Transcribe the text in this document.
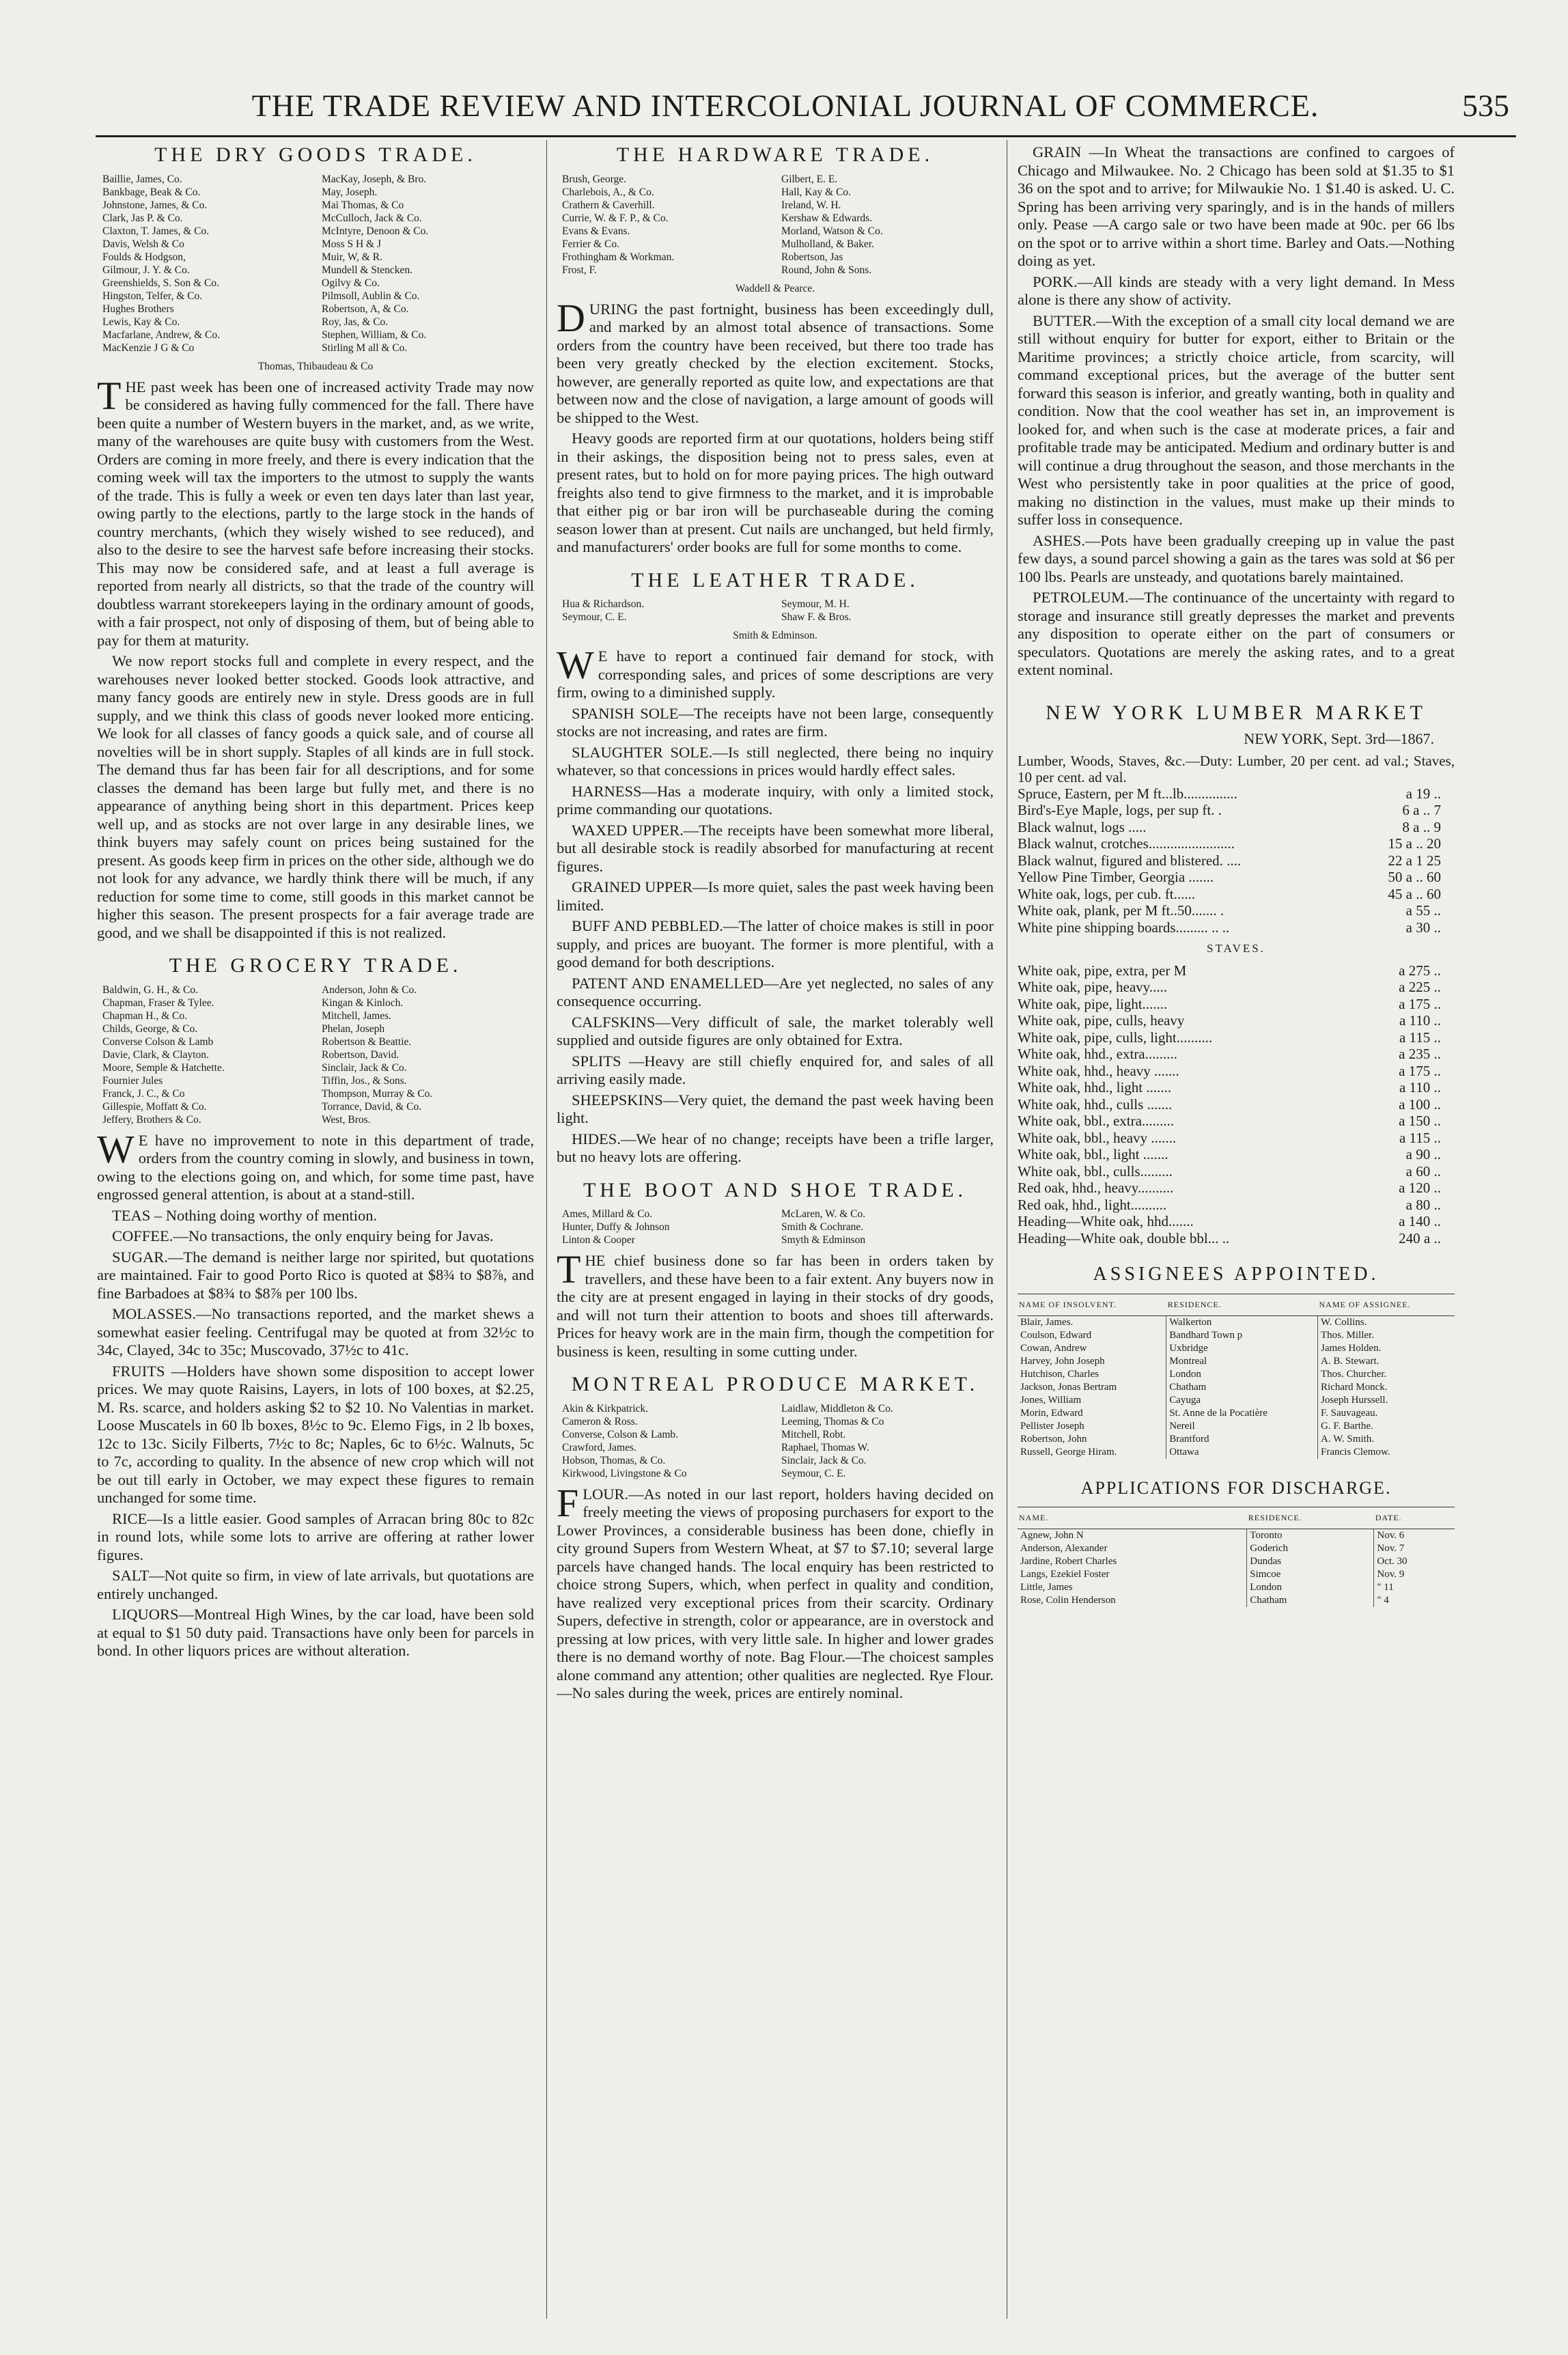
THE TRADE REVIEW AND INTERCOLONIAL JOURNAL OF COMMERCE.	535
THE DRY GOODS TRADE.
Baillie, James, Co.	MacKay, Joseph, & Bro.
Bankbage, Beak & Co.	May, Joseph.
Johnstone, James, & Co.	Mai Thomas, & Co
Clark, Jas P. & Co.	McCulloch, Jack & Co.
Claxton, T. James, & Co.	McIntyre, Denoon & Co.
Davis, Welsh & Co	Moss S H & J
Foulds & Hodgson,	Muir, W, & R.
Gilmour, J. Y. & Co.	Mundell & Stencken.
Greenshields, S. Son & Co.	Ogilvy & Co.
Hingston, Telfer, & Co.	Pilmsoll, Aublin & Co.
Hughes Brothers	Robertson, A, & Co.
Lewis, Kay & Co.	Roy, Jas, & Co.
Macfarlane, Andrew, & Co.	Stephen, William, & Co.
MacKenzie J G & Co	Stirling M all & Co.
Thomas, Thibaudeau & Co

THE past week has been one of increased activity Trade may now be considered as having fully commenced for the fall. There have been quite a number of Western buyers in the market, and, as we write, many of the warehouses are quite busy with customers from the West. Orders are coming in more freely, and there is every indication that the coming week will tax the importers to the utmost to supply the wants of the trade. This is fully a week or even ten days later than last year, owing partly to the elections, partly to the large stock in the hands of country merchants, (which they wisely wished to see reduced), and also to the desire to see the harvest safe before increasing their stocks. This may now be considered safe, and at least a full average is reported from nearly all districts, so that the trade of the country will doubtless warrant storekeepers laying in the ordinary amount of goods, with a fair prospect, not only of disposing of them, but of being able to pay for them at maturity.

We now report stocks full and complete in every respect, and the warehouses never looked better stocked. Goods look attractive, and many fancy goods are entirely new in style. Dress goods are in full supply, and we think this class of goods never looked more enticing. We look for all classes of fancy goods a quick sale, and of course all novelties will be in short supply. Staples of all kinds are in full stock. The demand thus far has been fair for all descriptions, and for some classes the demand has been large but fully met, and there is no appearance of anything being short in this department. Prices keep well up, and as stocks are not over large in any desirable lines, we think buyers may safely count on prices being sustained for the present. As goods keep firm in prices on the other side, although we do not look for any advance, we hardly think there will be much, if any reduction for some time to come, still goods in this market cannot be higher this season. The present prospects for a fair average trade are good, and we shall be disappointed if this is not realized.

THE GROCERY TRADE.
Baldwin, G. H., & Co.	Anderson, John & Co.
Chapman, Fraser & Tylee.	Kingan & Kinloch.
Chapman H., & Co.	Mitchell, James.
Childs, George, & Co.	Phelan, Joseph
Converse Colson & Lamb	Robertson & Beattie.
Davie, Clark, & Clayton.	Robertson, David.
Moore, Semple & Hatchette.	Sinclair, Jack & Co.
Fournier Jules	Tiffin, Jos., & Sons.
Franck, J. C., & Co	Thompson, Murray & Co.
Gillespie, Moffatt & Co.	Torrance, David, & Co.
Jeffery, Brothers & Co.	West, Bros.

WE have no improvement to note in this department of trade, orders from the country coming in slowly, and business in town, owing to the elections going on, and which, for some time past, have engrossed general attention, is about at a stand-still.

TEAS – Nothing doing worthy of mention.

COFFEE.—No transactions, the only enquiry being for Javas.

SUGAR.—The demand is neither large nor spirited, but quotations are maintained. Fair to good Porto Rico is quoted at $8¾ to $8⅞, and fine Barbadoes at $8¾ to $8⅞ per 100 lbs.

MOLASSES.—No transactions reported, and the market shews a somewhat easier feeling. Centrifugal may be quoted at from 32½c to 34c, Clayed, 34c to 35c; Muscovado, 37½c to 41c.

FRUITS —Holders have shown some disposition to accept lower prices. We may quote Raisins, Layers, in lots of 100 boxes, at $2.25, M. Rs. scarce, and holders asking $2 to $2 10. No Valentias in market. Loose Muscatels in 60 lb boxes, 8½c to 9c. Elemo Figs, in 2 lb boxes, 12c to 13c. Sicily Filberts, 7½c to 8c; Naples, 6c to 6½c. Walnuts, 5c to 7c, according to quality. In the absence of new crop which will not be out till early in October, we may expect these figures to remain unchanged for some time.

RICE—Is a little easier. Good samples of Arracan bring 80c to 82c in round lots, while some lots to arrive are offering at rather lower figures.

SALT—Not quite so firm, in view of late arrivals, but quotations are entirely unchanged.

LIQUORS—Montreal High Wines, by the car load, have been sold at equal to $1 50 duty paid. Transactions have only been for parcels in bond. In other liquors prices are without alteration.

THE HARDWARE TRADE.
Brush, George.	Gilbert, E. E.
Charlebois, A., & Co.	Hall, Kay & Co.
Crathern & Caverhill.	Ireland, W. H.
Currie, W. & F. P., & Co.	Kershaw & Edwards.
Evans & Evans.	Morland, Watson & Co.
Ferrier & Co.	Mulholland, & Baker.
Frothingham & Workman.	Robertson, Jas
Frost, F.	Round, John & Sons.
Waddell & Pearce.

DURING the past fortnight, business has been exceedingly dull, and marked by an almost total absence of transactions. Some orders from the country have been received, but there too trade has been very greatly checked by the election excitement. Stocks, however, are generally reported as quite low, and expectations are that between now and the close of navigation, a large amount of goods will be shipped to the West.

Heavy goods are reported firm at our quotations, holders being stiff in their askings, the disposition being not to press sales, even at present rates, but to hold on for more paying prices. The high outward freights also tend to give firmness to the market, and it is improbable that either pig or bar iron will be purchaseable during the coming season lower than at present. Cut nails are unchanged, but held firmly, and manufacturers' order books are full for some months to come.

THE LEATHER TRADE.
Hua & Richardson.	Seymour, M. H.
Seymour, C. E.	Shaw F. & Bros.
Smith & Edminson.

WE have to report a continued fair demand for stock, with corresponding sales, and prices of some descriptions are very firm, owing to a diminished supply.

SPANISH SOLE—The receipts have not been large, consequently stocks are not increasing, and rates are firm.

SLAUGHTER SOLE.—Is still neglected, there being no inquiry whatever, so that concessions in prices would hardly effect sales.

HARNESS—Has a moderate inquiry, with only a limited stock, prime commanding our quotations.

WAXED UPPER.—The receipts have been somewhat more liberal, but all desirable stock is readily absorbed for manufacturing at recent figures.

GRAINED UPPER—Is more quiet, sales the past week having been limited.

BUFF AND PEBBLED.—The latter of choice makes is still in poor supply, and prices are buoyant. The former is more plentiful, with a good demand for both descriptions.

PATENT AND ENAMELLED—Are yet neglected, no sales of any consequence occurring.

CALFSKINS—Very difficult of sale, the market tolerably well supplied and outside figures are only obtained for Extra.

SPLITS —Heavy are still chiefly enquired for, and sales of all arriving easily made.

SHEEPSKINS—Very quiet, the demand the past week having been light.

HIDES.—We hear of no change; receipts have been a trifle larger, but no heavy lots are offering.

THE BOOT AND SHOE TRADE.
Ames, Millard & Co.	McLaren, W. & Co.
Hunter, Duffy & Johnson	Smith & Cochrane.
Linton & Cooper	Smyth & Edminson

THE chief business done so far has been in orders taken by travellers, and these have been to a fair extent. Any buyers now in the city are at present engaged in laying in their stocks of dry goods, and will not turn their attention to boots and shoes till afterwards. Prices for heavy work are in the main firm, though the competition for business is keen, resulting in some cutting under.

MONTREAL PRODUCE MARKET.
Akin & Kirkpatrick.	Laidlaw, Middleton & Co.
Cameron & Ross.	Leeming, Thomas & Co
Converse, Colson & Lamb.	Mitchell, Robt.
Crawford, James.	Raphael, Thomas W.
Hobson, Thomas, & Co.	Sinclair, Jack & Co.
Kirkwood, Livingstone & Co	Seymour, C. E.

FLOUR.—As noted in our last report, holders having decided on freely meeting the views of proposing purchasers for export to the Lower Provinces, a considerable business has been done, chiefly in city ground Supers from Western Wheat, at $7 to $7.10; several large parcels have changed hands. The local enquiry has been restricted to choice strong Supers, which, when perfect in quality and condition, have realized very exceptional prices from their scarcity. Ordinary Supers, defective in strength, color or appearance, are in overstock and pressing at low prices, with very little sale. In higher and lower grades there is no demand worthy of note. Bag Flour.—The choicest samples alone command any attention; other qualities are neglected. Rye Flour.—No sales during the week, prices are entirely nominal.

GRAIN —In Wheat the transactions are confined to cargoes of Chicago and Milwaukee. No. 2 Chicago has been sold at $1.35 to $1 36 on the spot and to arrive; for Milwaukie No. 1 $1.40 is asked. U. C. Spring has been arriving very sparingly, and is in the hands of millers only. Pease —A cargo sale or two have been made at 90c. per 66 lbs on the spot or to arrive within a short time. Barley and Oats.—Nothing doing as yet.

PORK.—All kinds are steady with a very light demand. In Mess alone is there any show of activity.

BUTTER.—With the exception of a small city local demand we are still without enquiry for butter for export, either to Britain or the Maritime provinces; a strictly choice article, from scarcity, will command exceptional prices, but the average of the butter sent forward this season is inferior, and greatly wanting, both in quality and condition. Now that the cool weather has set in, an improvement is looked for, and when such is the case at moderate prices, a fair and profitable trade may be anticipated. Medium and ordinary butter is and will continue a drug throughout the season, and those merchants in the West who persistently take in poor qualities at the price of good, making no distinction in the values, must make up their minds to suffer loss in consequence.

ASHES.—Pots have been gradually creeping up in value the past few days, a sound parcel showing a gain as the tares was sold at $6 per 100 lbs. Pearls are unsteady, and quotations barely maintained.

PETROLEUM.—The continuance of the uncertainty with regard to storage and insurance still greatly depresses the market and prevents any disposition to operate either on the part of consumers or speculators. Quotations are merely the asking rates, and to a great extent nominal.

NEW YORK LUMBER MARKET
NEW YORK, Sept. 3rd—1867.
Lumber, Woods, Staves, &c.—Duty: Lumber, 20 per cent. ad val.; Staves, 10 per cent. ad val.
Spruce, Eastern, per M ft...lb...............	a 19 ..
Bird's-Eye Maple, logs, per sup ft. .	6 a .. 7
Black walnut, logs .....	8 a .. 9
Black walnut, crotches........................	15 a .. 20
Black walnut, figured and blistered. ....	22 a 1 25
Yellow Pine Timber, Georgia .......	50 a .. 60
White oak, logs, per cub. ft......	45 a .. 60
White oak, plank, per M ft..50....... .	a 55 ..
White pine shipping boards......... .. ..	a 30 ..
STAVES.
White oak, pipe, extra, per M	a 275 ..
White oak, pipe, heavy.....	a 225 ..
White oak, pipe, light.......	a 175 ..
White oak, pipe, culls, heavy	a 110 ..
White oak, pipe, culls, light..........	a 115 ..
White oak, hhd., extra.........	a 235 ..
White oak, hhd., heavy .......	a 175 ..
White oak, hhd., light .......	a 110 ..
White oak, hhd., culls .......	a 100 ..
White oak, bbl., extra.........	a 150 ..
White oak, bbl., heavy .......	a 115 ..
White oak, bbl., light .......	a 90 ..
White oak, bbl., culls.........	a 60 ..
Red oak, hhd., heavy..........	a 120 ..
Red oak, hhd., light..........	a 80 ..
Heading—White oak, hhd.......	a 140 ..
Heading—White oak, double bbl... ..	240 a ..
ASSIGNEES APPOINTED.
NAME OF INSOLVENT.	RESIDENCE.	NAME OF ASSIGNEE.
Blair, James.	Walkerton	W. Collins.
Coulson, Edward	Bandhard Town p	Thos. Miller.
Cowan, Andrew	Uxbridge	James Holden.
Harvey, John Joseph	Montreal	A. B. Stewart.
Hutchison, Charles	London	Thos. Churcher.
Jackson, Jonas Bertram	Chatham	Richard Monck.
Jones, William	Cayuga	Joseph Hurssell.
Morin, Edward	St. Anne de la Pocatière	F. Sauvageau.
Pellister Joseph	Nereil	G. F. Barthe.
Robertson, John	Brantford	A. W. Smith.
Russell, George Hiram.	Ottawa	Francis Clemow.
APPLICATIONS FOR DISCHARGE.
NAME.	RESIDENCE.	DATE.
Agnew, John N	Toronto	Nov. 6
Anderson, Alexander	Goderich	Nov. 7
Jardine, Robert Charles	Dundas	Oct. 30
Langs, Ezekiel Foster	Simcoe	Nov. 9
Little, James	London	" 11
Rose, Colin Henderson	Chatham	" 4
